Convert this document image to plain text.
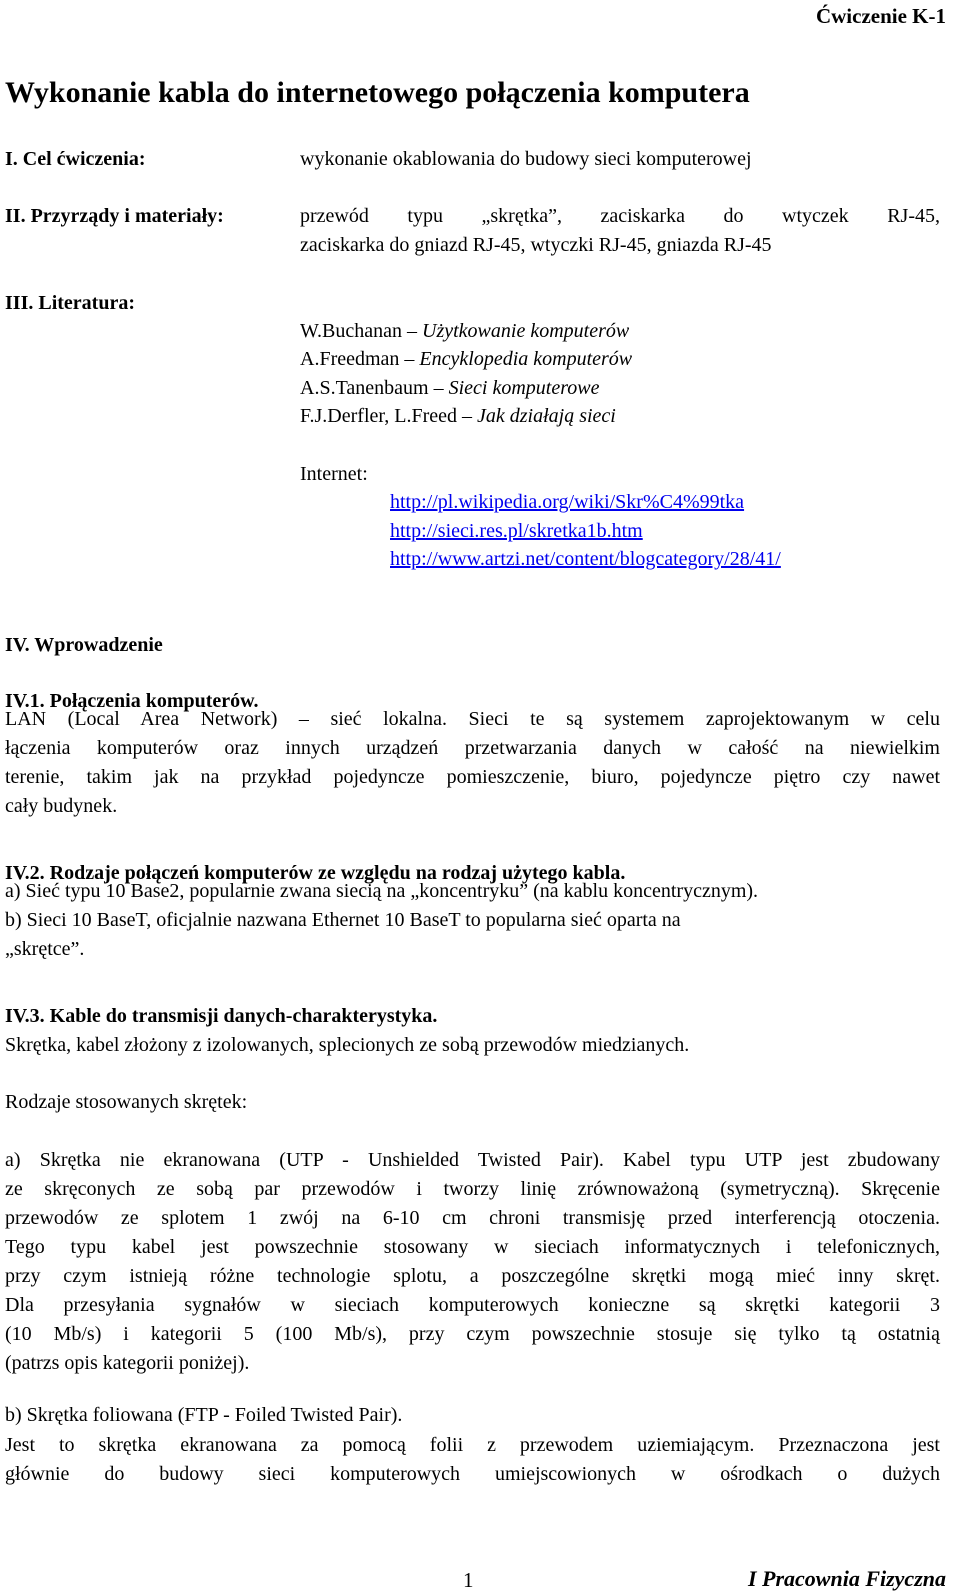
Ćwiczenie K-1
Wykonanie kabla do internetowego połączenia komputera
I. Cel ćwiczenia:	wykonanie okablowania do budowy sieci komputerowej
II. Przyrządy i materiały:	przewód typu „skrętka”, zaciskarka do wtyczek RJ-45,
zaciskarka do gniazd RJ-45, wtyczki RJ-45, gniazda RJ-45
III. Literatura:
W.Buchanan – Użytkowanie komputerów
A.Freedman – Encyklopedia komputerów
A.S.Tanenbaum – Sieci komputerowe
F.J.Derfler, L.Freed – Jak działają sieci
Internet:
http://pl.wikipedia.org/wiki/Skr%C4%99tka
http://sieci.res.pl/skretka1b.htm
http://www.artzi.net/content/blogcategory/28/41/
IV. Wprowadzenie
IV.1. Połączenia komputerów.
LAN (Local Area Network) – sieć lokalna. Sieci te są systemem zaprojektowanym w celu
łączenia komputerów oraz innych urządzeń przetwarzania danych w całość na niewielkim
terenie, takim jak na przykład pojedyncze pomieszczenie, biuro, pojedyncze piętro czy nawet
cały budynek.
IV.2. Rodzaje połączeń komputerów ze względu na rodzaj użytego kabla.
a) Sieć typu 10 Base2, popularnie zwana siecią na „koncentryku” (na kablu koncentrycznym).
b) Sieci 10 BaseT, oficjalnie nazwana Ethernet 10 BaseT to popularna sieć oparta na
„skrętce”.
IV.3. Kable do transmisji danych-charakterystyka.
Skrętka, kabel złożony z izolowanych, splecionych ze sobą przewodów miedzianych.
Rodzaje stosowanych skrętek:
a) Skrętka nie ekranowana (UTP - Unshielded Twisted Pair). Kabel typu UTP jest zbudowany
ze skręconych ze sobą par przewodów i tworzy linię zrównoważoną (symetryczną). Skręcenie
przewodów ze splotem 1 zwój na 6-10 cm chroni transmisję przed interferencją otoczenia.
Tego typu kabel jest powszechnie stosowany w sieciach informatycznych i telefonicznych,
przy czym istnieją różne technologie splotu, a poszczególne skrętki mogą mieć inny skręt.
Dla przesyłania sygnałów w sieciach komputerowych konieczne są skrętki kategorii 3
(10 Mb/s) i kategorii 5 (100 Mb/s), przy czym powszechnie stosuje się tylko tą ostatnią
(patrzs opis kategorii poniżej).
b) Skrętka foliowana (FTP - Foiled Twisted Pair).
Jest to skrętka ekranowana za pomocą folii z przewodem uziemiającym. Przeznaczona jest
głównie do budowy sieci komputerowych umiejscowionych w ośrodkach o dużych
1	I Pracownia Fizyczna
